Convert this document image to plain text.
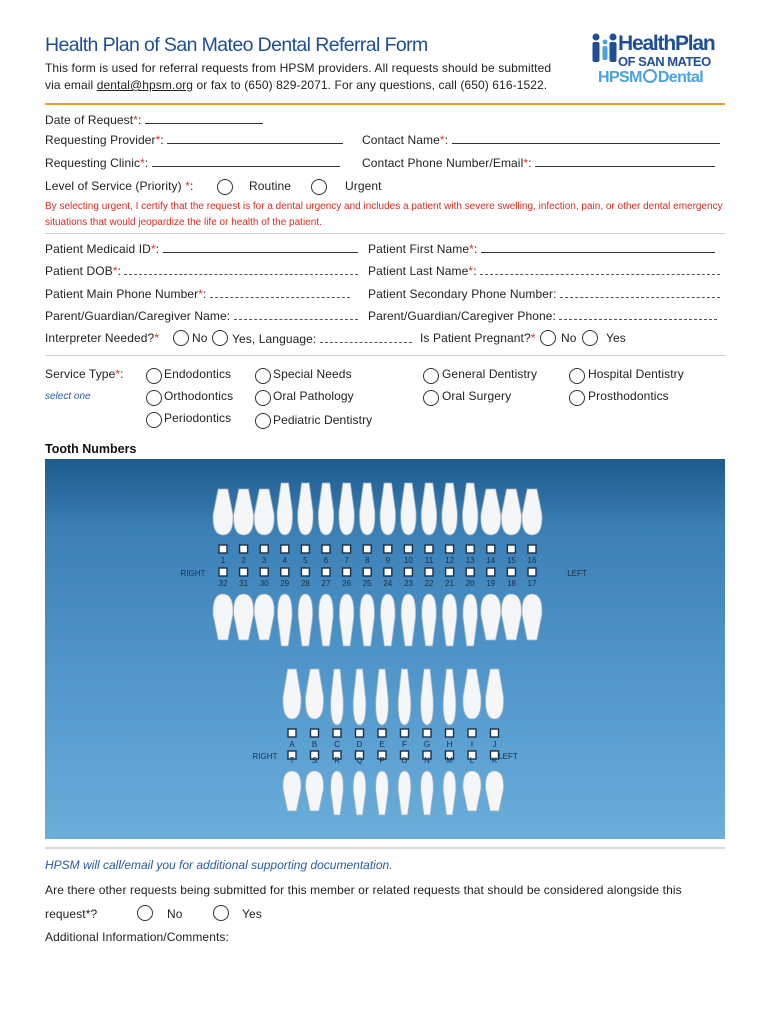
Health Plan of San Mateo Dental Referral Form
This form is used for referral requests from HPSM providers. All requests should be submitted
via email dental@hpsm.org or fax to (650) 829-2071. For any questions, call (650) 616-1522.
HealthPlan
OF SAN MATEO
HPSM Dental
Date of Request*:
Requesting Provider*:	Contact Name*:
Requesting Clinic*:	Contact Phone Number/Email*:
Level of Service (Priority) *:	Routine	Urgent
By selecting urgent, I certify that the request is for a dental urgency and includes a patient with severe swelling, infection, pain, or other dental emergency situations that would jeopardize the life or health of the patient.
Patient Medicaid ID*:	Patient First Name*:
Patient DOB*:	Patient Last Name*:
Patient Main Phone Number*:	Patient Secondary Phone Number:
Parent/Guardian/Caregiver Name:	Parent/Guardian/Caregiver Phone:
Interpreter Needed?*	No Yes, Language:	Is Patient Pregnant?* No Yes
Service Type*:
select one
Endodontics
Orthodontics
Periodontics
Special Needs
Oral Pathology
Pediatric Dentistry
General Dentistry
Oral Surgery
Hospital Dentistry
Prosthodontics
Tooth Numbers
1 2 3 4 5 6 7 8 9 10 11 12 13 14 15 16
32 31 30 29 28 27 26 25 24 23 22 21 20 19 18 17
RIGHT	LEFT
A B C D E F G H I J
T S R Q P O N M L K
RIGHT	LEFT
HPSM will call/email you for additional supporting documentation.
Are there other requests being submitted for this member or related requests that should be considered alongside this
request*?	No	Yes
Additional Information/Comments:
